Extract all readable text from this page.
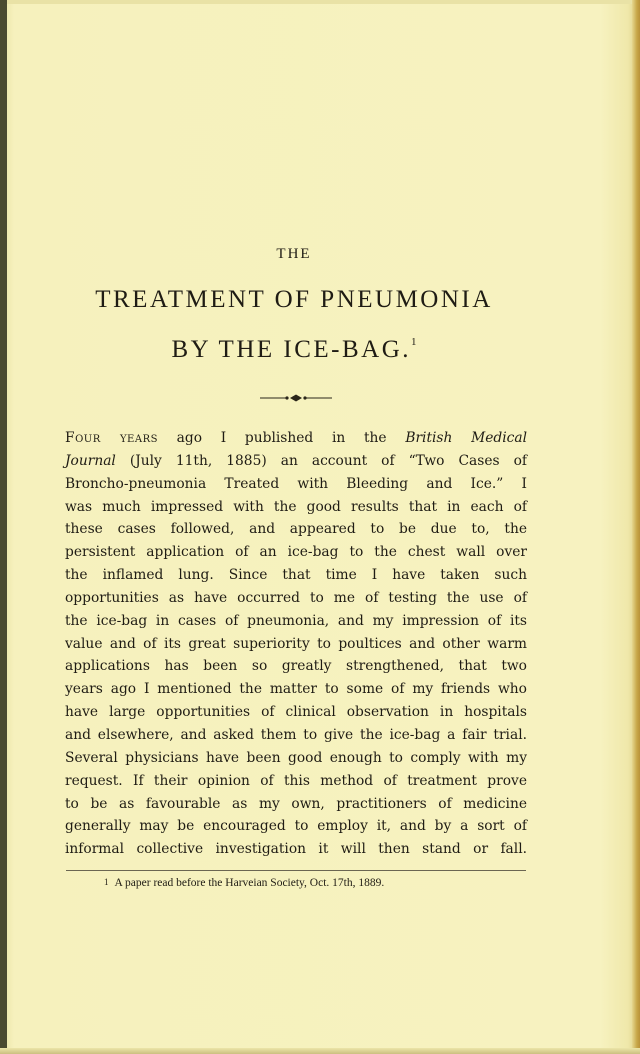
THE
TREATMENT OF PNEUMONIA
BY THE ICE-BAG.$^1$
Four years ago I published in the British Medical
Journal (July 11th, 1885) an account of “Two Cases of
Broncho-pneumonia Treated with Bleeding and Ice.” I
was much impressed with the good results that in each of
these cases followed, and appeared to be due to, the
persistent application of an ice-bag to the chest wall over
the inflamed lung. Since that time I have taken such
opportunities as have occurred to me of testing the use of
the ice-bag in cases of pneumonia, and my impression of its
value and of its great superiority to poultices and other warm
applications has been so greatly strengthened, that two
years ago I mentioned the matter to some of my friends who
have large opportunities of clinical observation in hospitals
and elsewhere, and asked them to give the ice-bag a fair trial.
Several physicians have been good enough to comply with my
request. If their opinion of this method of treatment prove
to be as favourable as my own, practitioners of medicine
generally may be encouraged to employ it, and by a sort of
informal collective investigation it will then stand or fall.
1 A paper read before the Harveian Society, Oct. 17th, 1889.
